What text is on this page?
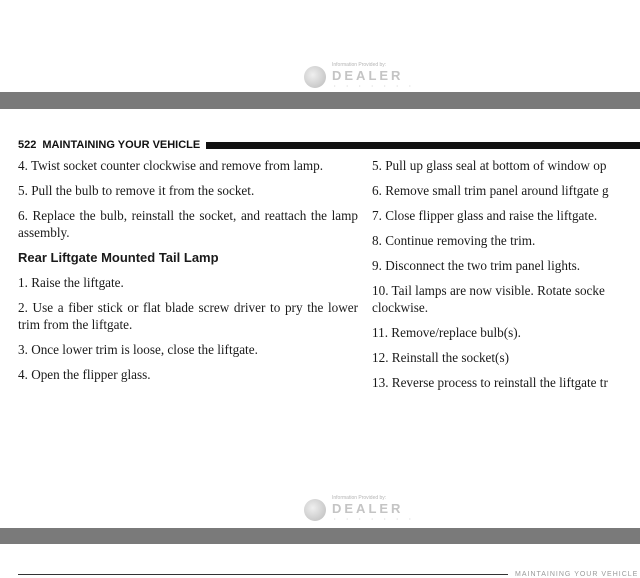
Information Provided by:
DEALER
• • • • • • •
522 MAINTAINING YOUR VEHICLE

4. Twist socket counter clockwise and remove from lamp.

5. Pull the bulb to remove it from the socket.

6. Replace the bulb, reinstall the socket, and reattach the lamp assembly.

Rear Liftgate Mounted Tail Lamp

1. Raise the liftgate.

2. Use a fiber stick or flat blade screw driver to pry the lower trim from the liftgate.

3. Once lower trim is loose, close the liftgate.

4. Open the flipper glass.

5. Pull up glass seal at bottom of window op

6. Remove small trim panel around liftgate g

7. Close flipper glass and raise the liftgate.

8. Continue removing the trim.

9. Disconnect the two trim panel lights.

10. Tail lamps are now visible. Rotate socke clockwise.

11. Remove/replace bulb(s).

12. Reinstall the socket(s)

13. Reverse process to reinstall the liftgate tr

Information Provided by:
DEALER
• • • • • • •
MAINTAINING YOUR VEHICLE
